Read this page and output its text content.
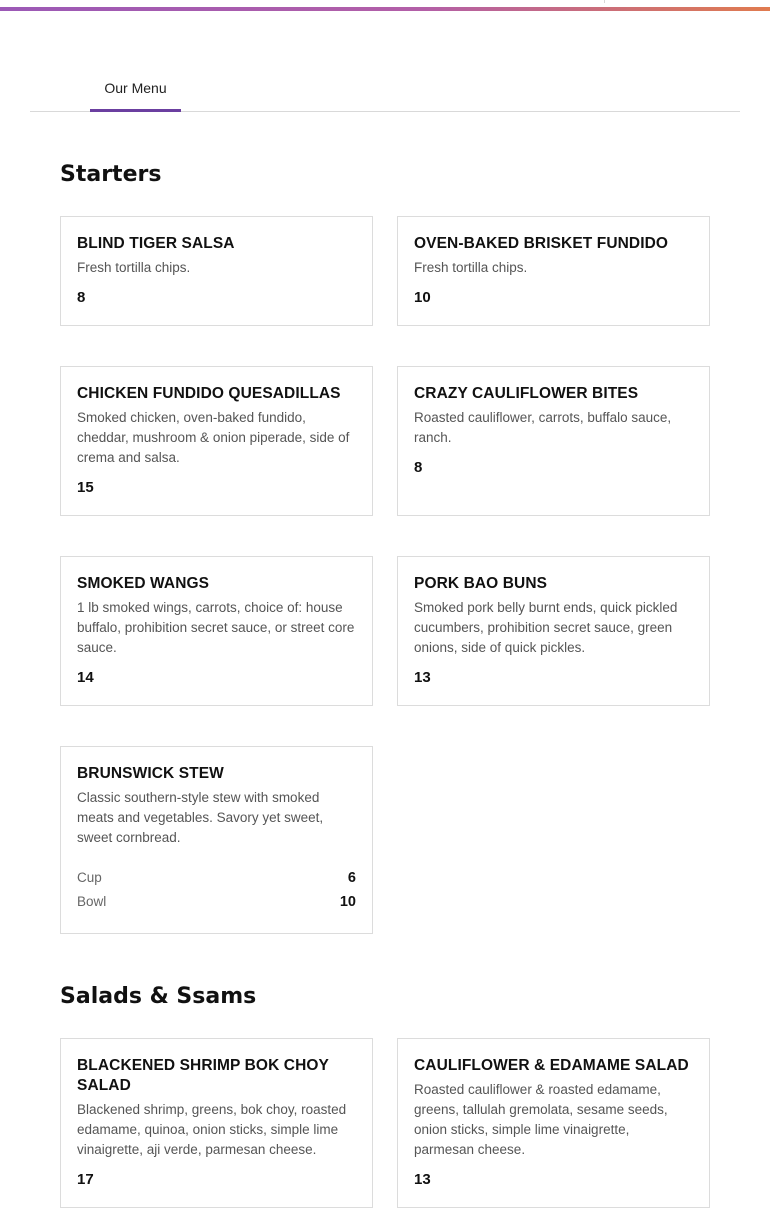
Our Menu
Starters
BLIND TIGER SALSA

Fresh tortilla chips.

8
OVEN-BAKED BRISKET FUNDIDO

Fresh tortilla chips.

10
CHICKEN FUNDIDO QUESADILLAS

Smoked chicken, oven-baked fundido, cheddar, mushroom & onion piperade, side of crema and salsa.

15
CRAZY CAULIFLOWER BITES

Roasted cauliflower, carrots, buffalo sauce, ranch.

8
SMOKED WANGS

1 lb smoked wings, carrots, choice of: house buffalo, prohibition secret sauce, or street core sauce.

14
PORK BAO BUNS

Smoked pork belly burnt ends, quick pickled cucumbers, prohibition secret sauce, green onions, side of quick pickles.

13
BRUNSWICK STEW

Classic southern-style stew with smoked meats and vegetables. Savory yet sweet, sweet cornbread.

Cup	6
Bowl	10
Salads & Ssams
BLACKENED SHRIMP BOK CHOY SALAD

Blackened shrimp, greens, bok choy, roasted edamame, quinoa, onion sticks, simple lime vinaigrette, aji verde, parmesan cheese.

17
CAULIFLOWER & EDAMAME SALAD

Roasted cauliflower & roasted edamame, greens, tallulah gremolata, sesame seeds, onion sticks, simple lime vinaigrette, parmesan cheese.

13
